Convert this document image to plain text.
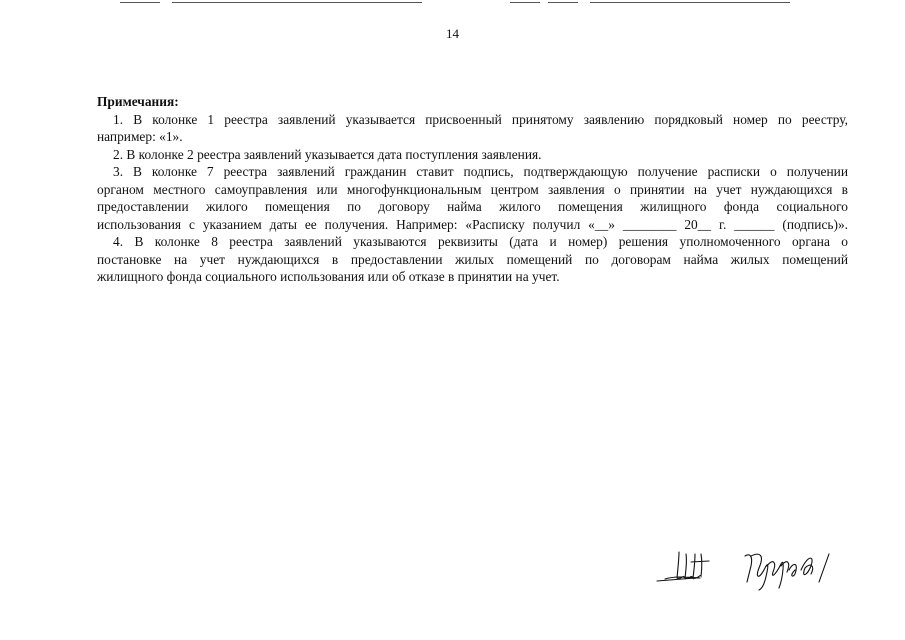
14
Примечания:
1. В колонке 1 реестра заявлений указывается присвоенный принятому заявлению порядковый номер по реестру,
например: «1».
2. В колонке 2 реестра заявлений указывается дата поступления заявления.
3. В колонке 7 реестра заявлений гражданин ставит подпись, подтверждающую получение расписки о получении
органом местного самоуправления или многофункциональным центром заявления о принятии на учет нуждающихся в
предоставлении жилого помещения по договору найма жилого помещения жилищного фонда социального
использования с указанием даты ее получения. Например: «Расписку получил «__» ________ 20__ г. ______ (подпись)».
4. В колонке 8 реестра заявлений указываются реквизиты (дата и номер) решения уполномоченного органа о
постановке на учет нуждающихся в предоставлении жилых помещений по договорам найма жилых помещений
жилищного фонда социального использования или об отказе в принятии на учет.
